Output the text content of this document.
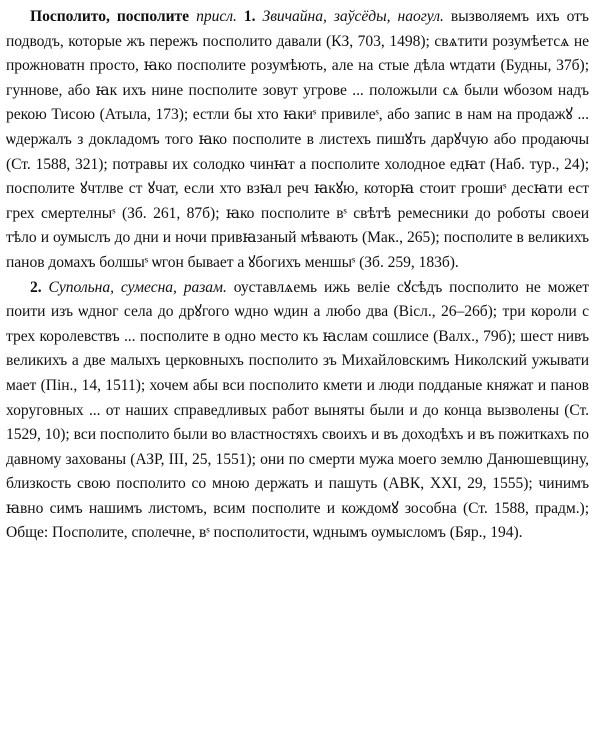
Посполито, посполите присл. 1. Звичайна, заўсёды, наогул. вызволяемъ ихъ отъ подводъ, которые жъ перeжъ посполито давали (КЗ, 703, 1498); свѧтити розумѣетсѧ не прожноватн просто, ꙗко посполите розумѣють, але на стые дѣла ѡтдати (Будны, 37б); гуннове, або ꙗк ихъ нине посполите зовут угрове ... положыли сѧ были ѡбозом надъ рекою Тисою (Атыла, 173); естли бы хто ꙗкиˢ привилеˢ, або запис в нам на продажꙋ ... ѡдержалъ з докладомъ того ꙗко посполите в листехъ пишꙋть дарꙋчую або продаючы (Ст. 1588, 321); потравы их солодко чинꙗт а посполите холодное едꙗт (Наб. тур., 24); посполите ꙋчтлве ст ꙋчат, если хто взꙗл реч ꙗкꙋю, которꙗ стоит грошиˢ десꙗти ест грех смертелныˢ (Зб. 261, 87б); ꙗко посполите вˢ свѣтѣ ремесники до роботы своеи тѣло и оумыслъ до дни и ночи привꙗзаный мѣвають (Мак., 265); посполите в великихъ панов домахъ болшыˢ ѡгон бывает а ꙋбогихъ меншыˢ (Зб. 259, 183б).

2. Супольна, сумесна, разам. оуставлѧемь ижь веліе сꙋсѣдъ посполито не может поити изъ ѡдног села до дрꙋгого ѡдно ѡдин а любо два (Вісл., 26–26б); три короли с трех королевствъ ... посполите в одно место къ ꙗслам сошлисе (Валх., 79б); шест нивъ великихъ а две малыхъ церковныхъ посполито зъ Михайловскимъ Николский ужывати мает (Пін., 14, 1511); хочем абы вси посполито кмети и люди подданые княжат и панов хоруговных ... от наших справедливых работ выняты были и до конца вызволены (Ст. 1529, 10); вси посполито были во властностяхъ своихъ и въ доходѣхъ и въ пожиткахъ по давному захованы (АЗР, III, 25, 1551); они по смерти мужа моего землю Данюшевщину, близкость свою посполито со мною держать и пашуть (АВК, XXI, 29, 1555); чинимъ ꙗвно симъ нашимъ листомъ, всим посполите и кождомꙋ зособна (Ст. 1588, прадм.); Обще: Посполите, сполечне, вˢ посполитости, ѡднымъ оумысломъ (Бяр., 194).
